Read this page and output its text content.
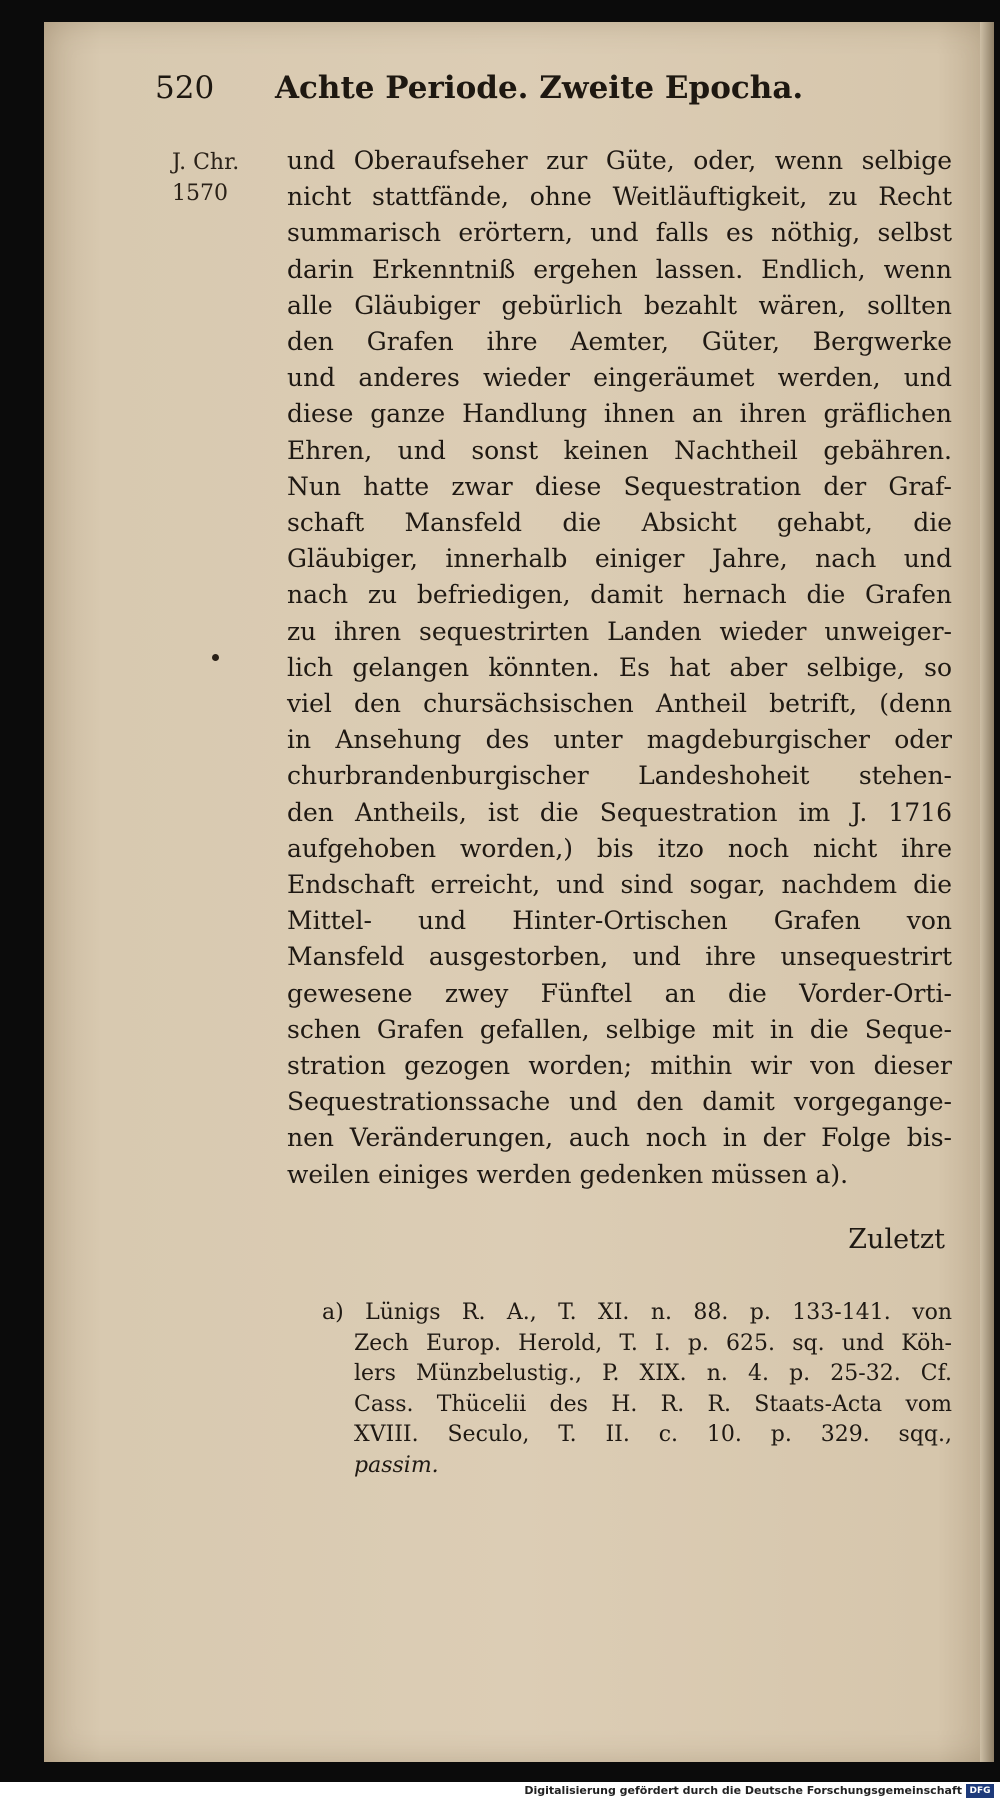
520 Achte Periode. Zweite Epocha.
J. Chr.
1570
und Oberaufseher zur Güte, oder, wenn selbige
nicht stattfände, ohne Weitläuftigkeit, zu Recht
summarisch erörtern, und falls es nöthig, selbst
darin Erkenntniß ergehen lassen. Endlich, wenn
alle Gläubiger gebürlich bezahlt wären, sollten
den Grafen ihre Aemter, Güter, Bergwerke
und anderes wieder eingeräumet werden, und
diese ganze Handlung ihnen an ihren gräflichen
Ehren, und sonst keinen Nachtheil gebähren.
Nun hatte zwar diese Sequestration der Graf-
schaft Mansfeld die Absicht gehabt, die
Gläubiger, innerhalb einiger Jahre, nach und
nach zu befriedigen, damit hernach die Grafen
zu ihren sequestrirten Landen wieder unweiger-
lich gelangen könnten. Es hat aber selbige, so
viel den chursächsischen Antheil betrift, (denn
in Ansehung des unter magdeburgischer oder
churbrandenburgischer Landeshoheit stehen-
den Antheils, ist die Sequestration im J. 1716
aufgehoben worden,) bis itzo noch nicht ihre
Endschaft erreicht, und sind sogar, nachdem die
Mittel- und Hinter-Ortischen Grafen von
Mansfeld ausgestorben, und ihre unsequestrirt
gewesene zwey Fünftel an die Vorder-Orti-
schen Grafen gefallen, selbige mit in die Seque-
stration gezogen worden; mithin wir von dieser
Sequestrationssache und den damit vorgegange-
nen Veränderungen, auch noch in der Folge bis-
weilen einiges werden gedenken müssen a).
Zuletzt
a) Lünigs R. A., T. XI. n. 88. p. 133-141. von
Zech Europ. Herold, T. I. p. 625. sq. und Köh-
lers Münzbelustig., P. XIX. n. 4. p. 25-32. Cf.
Cass. Thücelii des H. R. R. Staats-Acta vom
XVIII. Seculo, T. II. c. 10. p. 329. sqq.,
passim.
Digitalisierung gefördert durch die Deutsche Forschungsgemeinschaft DFG
